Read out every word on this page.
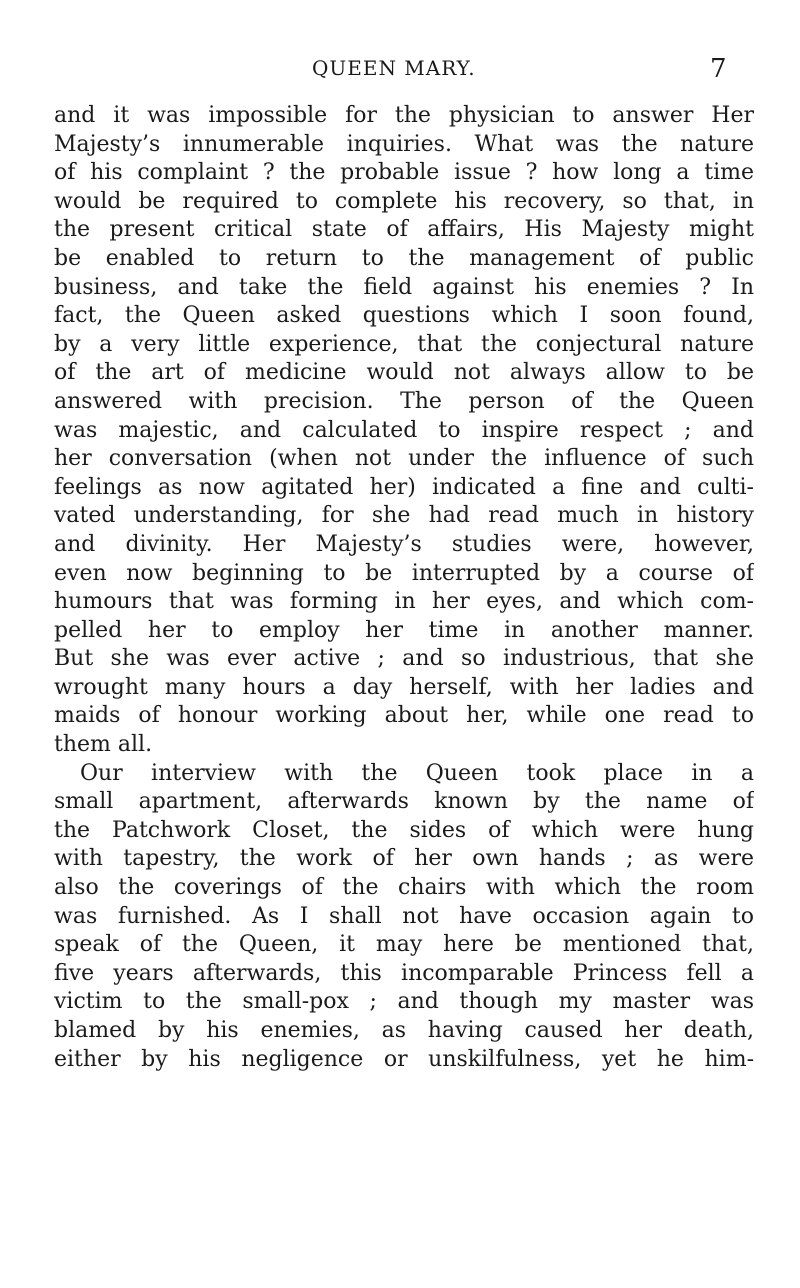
QUEEN MARY.	7
and it was impossible for the physician to answer Her
Majesty’s innumerable inquiries. What was the nature
of his complaint ? the probable issue ? how long a time
would be required to complete his recovery, so that, in
the present critical state of affairs, His Majesty might
be enabled to return to the management of public
business, and take the field against his enemies ? In
fact, the Queen asked questions which I soon found,
by a very little experience, that the conjectural nature
of the art of medicine would not always allow to be
answered with precision. The person of the Queen
was majestic, and calculated to inspire respect ; and
her conversation (when not under the influence of such
feelings as now agitated her) indicated a fine and culti-
vated understanding, for she had read much in history
and divinity. Her Majesty’s studies were, however,
even now beginning to be interrupted by a course of
humours that was forming in her eyes, and which com-
pelled her to employ her time in another manner.
But she was ever active ; and so industrious, that she
wrought many hours a day herself, with her ladies and
maids of honour working about her, while one read to
them all.
Our interview with the Queen took place in a
small apartment, afterwards known by the name of
the Patchwork Closet, the sides of which were hung
with tapestry, the work of her own hands ; as were
also the coverings of the chairs with which the room
was furnished. As I shall not have occasion again to
speak of the Queen, it may here be mentioned that,
five years afterwards, this incomparable Princess fell a
victim to the small-pox ; and though my master was
blamed by his enemies, as having caused her death,
either by his negligence or unskilfulness, yet he him-
